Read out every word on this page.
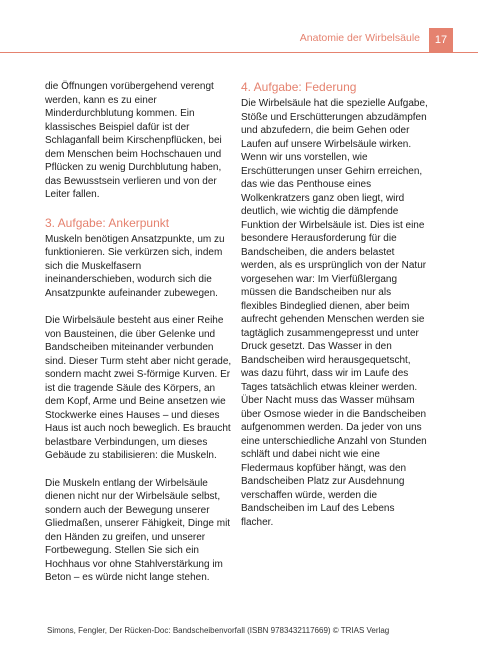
Anatomie der Wirbelsäule	17

die Öffnungen vorübergehend verengt werden, kann es zu einer Minderdurchblutung kommen. Ein klassisches Beispiel dafür ist der Schlaganfall beim Kirschenpflücken, bei dem Menschen beim Hochschauen und Pflücken zu wenig Durchblutung haben, das Bewusstsein verlieren und von der Leiter fallen.

3. Aufgabe: Ankerpunkt

Muskeln benötigen Ansatzpunkte, um zu funktionieren. Sie verkürzen sich, indem sich die Muskelfasern ineinanderschieben, wodurch sich die Ansatzpunkte aufeinander zubewegen.

Die Wirbelsäule besteht aus einer Reihe von Bausteinen, die über Gelenke und Bandscheiben miteinander verbunden sind. Dieser Turm steht aber nicht gerade, sondern macht zwei S-förmige Kurven. Er ist die tragende Säule des Körpers, an dem Kopf, Arme und Beine ansetzen wie Stockwerke eines Hauses – und dieses Haus ist auch noch beweglich. Es braucht belastbare Verbindungen, um dieses Gebäude zu stabilisieren: die Muskeln.

Die Muskeln entlang der Wirbelsäule dienen nicht nur der Wirbelsäule selbst, sondern auch der Bewegung unserer Gliedmaßen, unserer Fähigkeit, Dinge mit den Händen zu greifen, und unserer Fortbewegung. Stellen Sie sich ein Hochhaus vor ohne Stahlverstärkung im Beton – es würde nicht lange stehen.

4. Aufgabe: Federung

Die Wirbelsäule hat die spezielle Aufgabe, Stöße und Erschütterungen abzudämpfen und abzufedern, die beim Gehen oder Laufen auf unsere Wirbelsäule wirken. Wenn wir uns vorstellen, wie Erschütterungen unser Gehirn erreichen, das wie das Penthouse eines Wolkenkratzers ganz oben liegt, wird deutlich, wie wichtig die dämpfende Funktion der Wirbelsäule ist. Dies ist eine besondere Herausforderung für die Bandscheiben, die anders belastet werden, als es ursprünglich von der Natur vorgesehen war: Im Vierfüßlergang müssen die Bandscheiben nur als flexibles Bindeglied dienen, aber beim aufrecht gehenden Menschen werden sie tagtäglich zusammengepresst und unter Druck gesetzt. Das Wasser in den Bandscheiben wird herausgequetscht, was dazu führt, dass wir im Laufe des Tages tatsächlich etwas kleiner werden. Über Nacht muss das Wasser mühsam über Osmose wieder in die Bandscheiben aufgenommen werden. Da jeder von uns eine unterschiedliche Anzahl von Stunden schläft und dabei nicht wie eine Fledermaus kopfüber hängt, was den Bandscheiben Platz zur Ausdehnung verschaffen würde, werden die Bandscheiben im Lauf des Lebens flacher.

Simons, Fengler, Der Rücken-Doc: Bandscheibenvorfall (ISBN 9783432117669) © TRIAS Verlag
